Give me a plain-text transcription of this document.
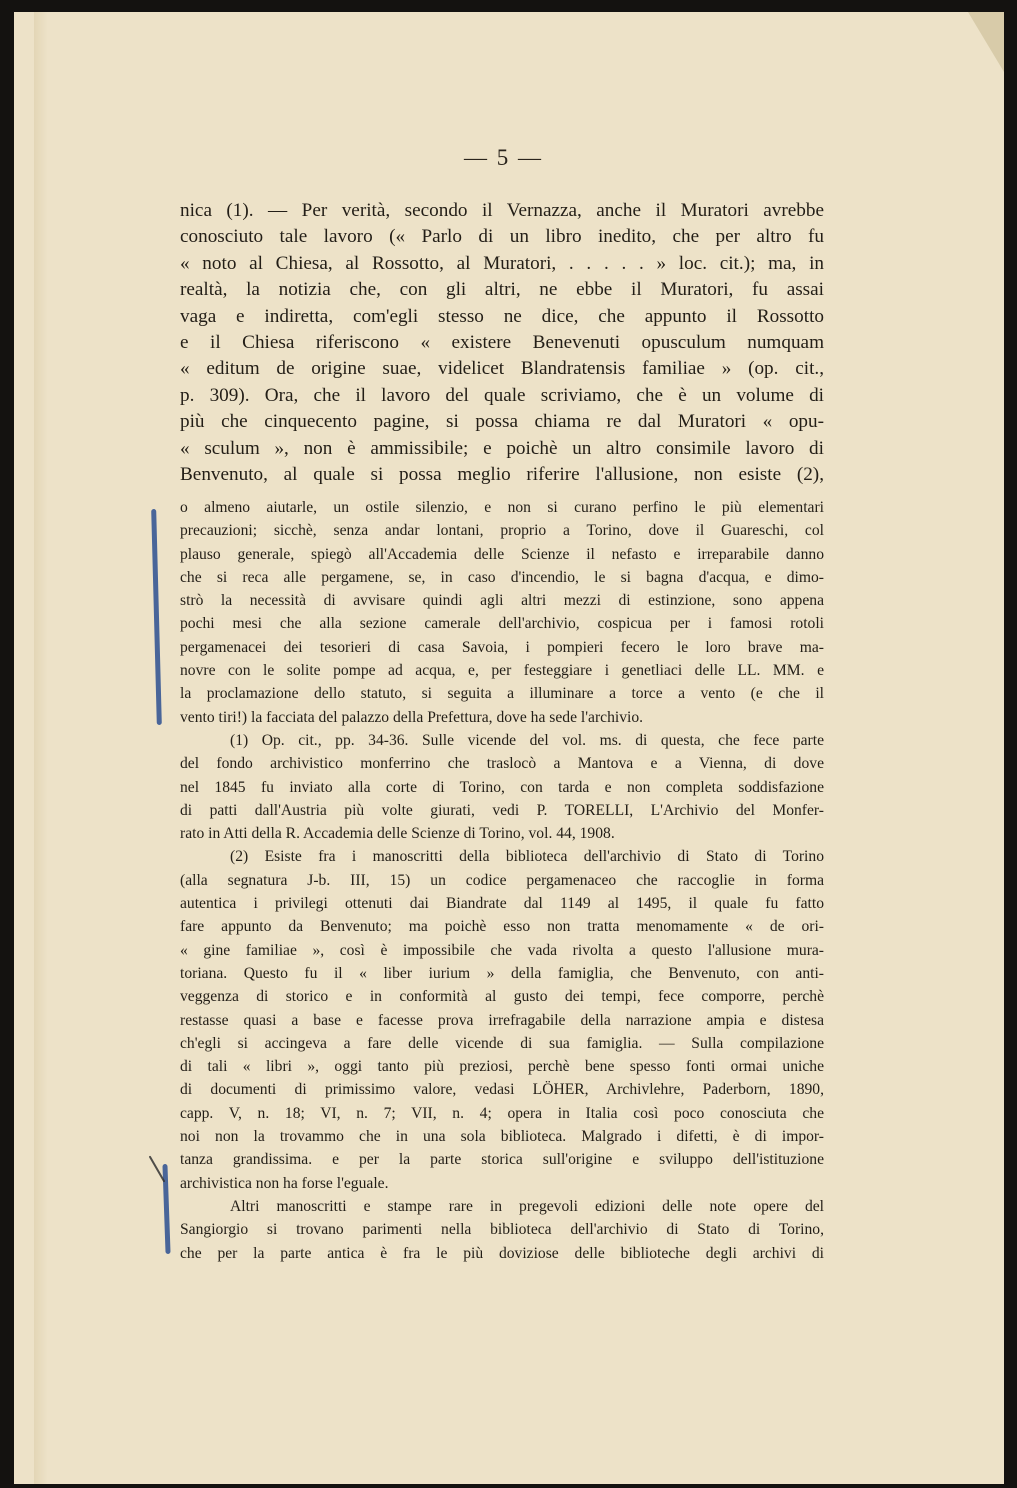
— 5 —
nica (1). — Per verità, secondo il Vernazza, anche il Muratori avrebbe
conosciuto tale lavoro (« Parlo di un libro inedito, che per altro fu
« noto al Chiesa, al Rossotto, al Muratori, . . . . . » loc. cit.); ma, in
realtà, la notizia che, con gli altri, ne ebbe il Muratori, fu assai
vaga e indiretta, com'egli stesso ne dice, che appunto il Rossotto
e il Chiesa riferiscono « existere Benevenuti opusculum numquam
« editum de origine suae, videlicet Blandratensis familiae » (op. cit.,
p. 309). Ora, che il lavoro del quale scriviamo, che è un volume di
più che cinquecento pagine, si possa chiama re dal Muratori « opu-
« sculum », non è ammissibile; e poichè un altro consimile lavoro di
Benvenuto, al quale si possa meglio riferire l'allusione, non esiste (2),
o almeno aiutarle, un ostile silenzio, e non si curano perfino le più elementari
precauzioni; sicchè, senza andar lontani, proprio a Torino, dove il Guareschi, col
plauso generale, spiegò all'Accademia delle Scienze il nefasto e irreparabile danno
che si reca alle pergamene, se, in caso d'incendio, le si bagna d'acqua, e dimo-
strò la necessità di avvisare quindi agli altri mezzi di estinzione, sono appena
pochi mesi che alla sezione camerale dell'archivio, cospicua per i famosi rotoli
pergamenacei dei tesorieri di casa Savoia, i pompieri fecero le loro brave ma-
novre con le solite pompe ad acqua, e, per festeggiare i genetliaci delle LL. MM. e
la proclamazione dello statuto, si seguita a illuminare a torce a vento (e che il
vento tiri!) la facciata del palazzo della Prefettura, dove ha sede l'archivio.
(1) Op. cit., pp. 34-36. Sulle vicende del vol. ms. di questa, che fece parte
del fondo archivistico monferrino che traslocò a Mantova e a Vienna, di dove
nel 1845 fu inviato alla corte di Torino, con tarda e non completa soddisfazione
di patti dall'Austria più volte giurati, vedi P. TORELLI, L'Archivio del Monfer-
rato in Atti della R. Accademia delle Scienze di Torino, vol. 44, 1908.
(2) Esiste fra i manoscritti della biblioteca dell'archivio di Stato di Torino
(alla segnatura J-b. III, 15) un codice pergamenaceo che raccoglie in forma
autentica i privilegi ottenuti dai Biandrate dal 1149 al 1495, il quale fu fatto
fare appunto da Benvenuto; ma poichè esso non tratta menomamente « de ori-
« gine familiae », così è impossibile che vada rivolta a questo l'allusione mura-
toriana. Questo fu il « liber iurium » della famiglia, che Benvenuto, con anti-
veggenza di storico e in conformità al gusto dei tempi, fece comporre, perchè
restasse quasi a base e facesse prova irrefragabile della narrazione ampia e distesa
ch'egli si accingeva a fare delle vicende di sua famiglia. — Sulla compilazione
di tali « libri », oggi tanto più preziosi, perchè bene spesso fonti ormai uniche
di documenti di primissimo valore, vedasi LÖHER, Archivlehre, Paderborn, 1890,
capp. V, n. 18; VI, n. 7; VII, n. 4; opera in Italia così poco conosciuta che
noi non la trovammo che in una sola biblioteca. Malgrado i difetti, è di impor-
tanza grandissima. e per la parte storica sull'origine e sviluppo dell'istituzione
archivistica non ha forse l'eguale.
Altri manoscritti e stampe rare in pregevoli edizioni delle note opere del
Sangiorgio si trovano parimenti nella biblioteca dell'archivio di Stato di Torino,
che per la parte antica è fra le più doviziose delle biblioteche degli archivi di
